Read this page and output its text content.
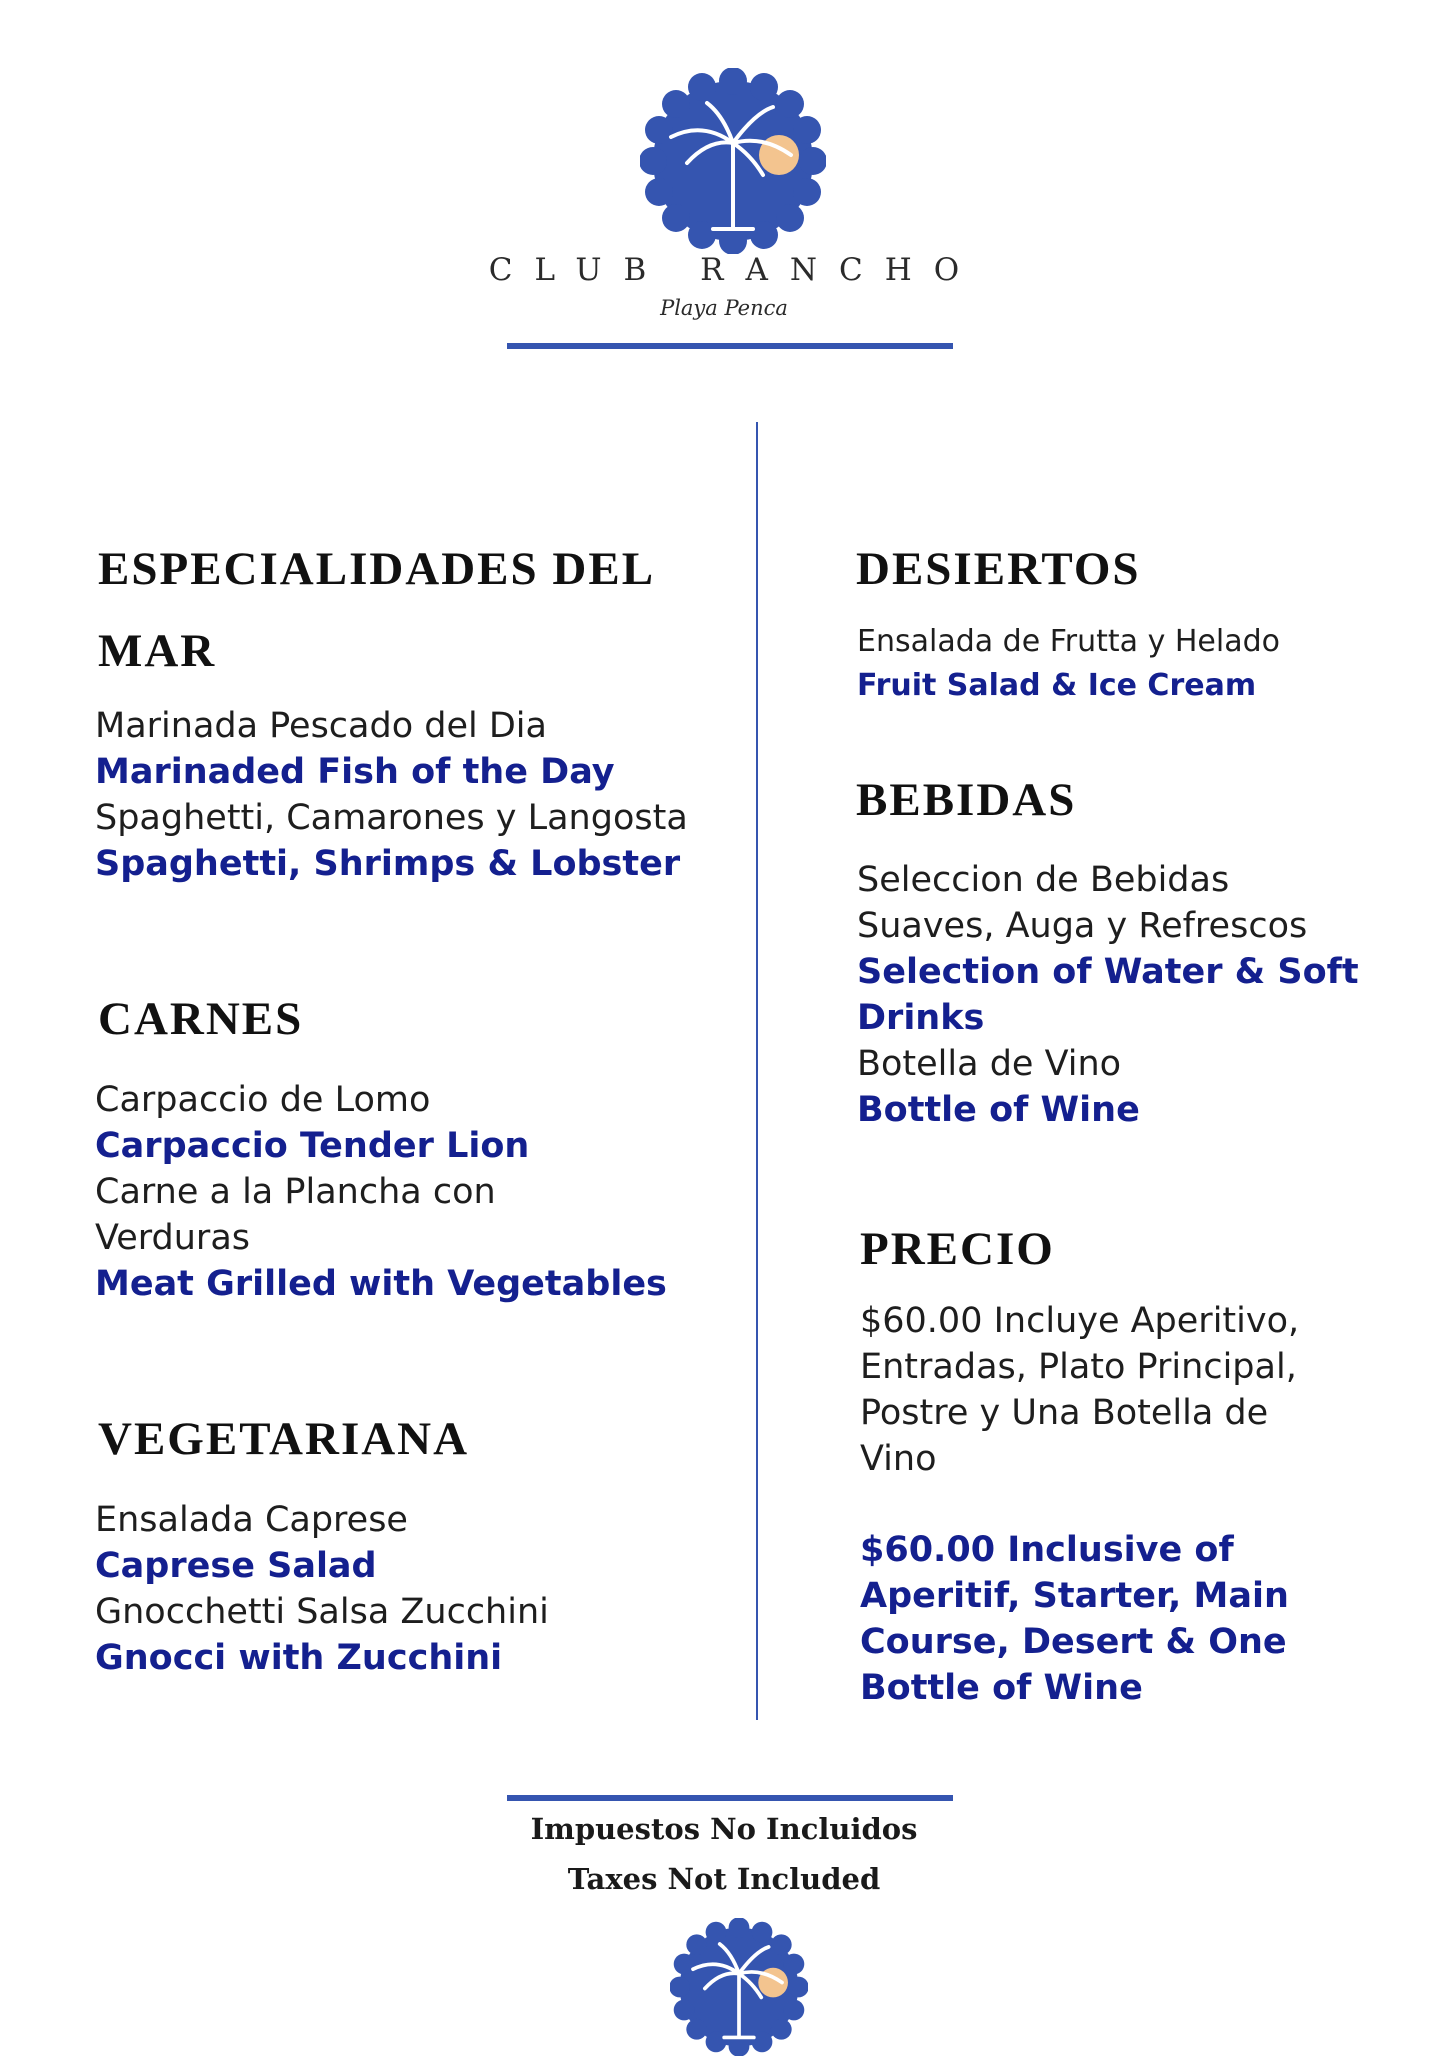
CLUB RANCHO
Playa Penca
ESPECIALIDADES DEL
MAR

Marinada Pescado del Dia

Marinaded Fish of the Day

Spaghetti, Camarones y Langosta

Spaghetti, Shrimps & Lobster

CARNES

Carpaccio de Lomo

Carpaccio Tender Lion

Carne a la Plancha con

Verduras

Meat Grilled with Vegetables

VEGETARIANA

Ensalada Caprese

Caprese Salad

Gnocchetti Salsa Zucchini

Gnocci with Zucchini

DESIERTOS

Ensalada de Frutta y Helado

Fruit Salad & Ice Cream

BEBIDAS

Seleccion de Bebidas

Suaves, Auga y Refrescos

Selection of Water & Soft

Drinks

Botella de Vino

Bottle of Wine

PRECIO

$60.00 Incluye Aperitivo,

Entradas, Plato Principal,

Postre y Una Botella de

Vino

$60.00 Inclusive of

Aperitif, Starter, Main

Course, Desert & One

Bottle of Wine

Impuestos No Incluidos
Taxes Not Included
